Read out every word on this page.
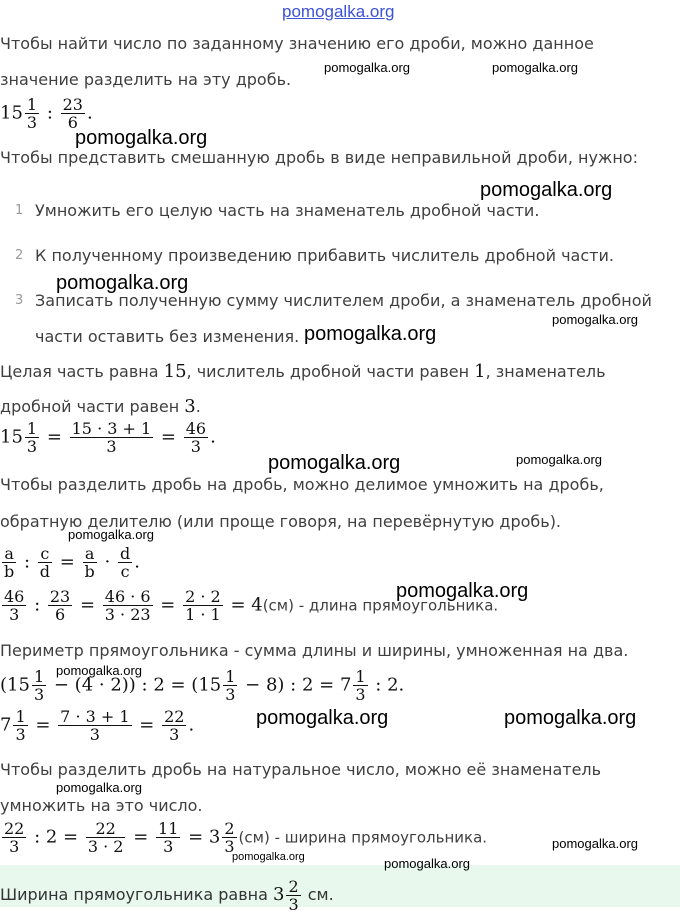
pomogalka.org
Чтобы найти число по заданному значению его дроби, можно данное
значение разделить на эту дробь.
$15 \frac{1}{3}$ : $\frac{23}{6}$ .
Чтобы представить смешанную дробь в виде неправильной дроби, нужно:
1 Умножить его целую часть на знаменатель дробной части.
2 К полученному произведению прибавить числитель дробной части.
3 Записать полученную сумму числителем дроби, а знаменатель дробной
части оставить без изменения.
Целая часть равна 15, числитель дробной части равен 1, знаменатель
дробной части равен 3.
$15 \frac{1}{3} = \frac{15 \cdot 3 + 1}{3} = \frac{46}{3}$ .
Чтобы разделить дробь на дробь, можно делимое умножить на дробь,
обратную делителю (или проще говоря, на перевёрнутую дробь).
$\frac{a}{b}$ : $\frac{c}{d} = \frac{a}{b} \cdot \frac{d}{c}$ .
$\frac{46}{3}$ : $\frac{23}{6} = \frac{46 \cdot 6}{3 \cdot 23} = \frac{2 \cdot 2}{1 \cdot 1} = 4(см)$ - длина прямоугольника.
Периметр прямоугольника - сумма длины и ширины, умноженная на два.
$(15 \frac{1}{3} - (4 \cdot 2))$ : $2 = (15 \frac{1}{3} - 8)$ : $2 = 7 \frac{1}{3}$ : 2.
$7 \frac{1}{3} = \frac{7 \cdot 3 + 1}{3} = \frac{22}{3}$ .
Чтобы разделить дробь на натуральное число, можно её знаменатель
умножить на это число.
$\frac{22}{3}$ : $2 = \frac{22}{3 \cdot 2} = \frac{11}{3} = 3 \frac{2}{3} (см)$ - ширина прямоугольника.
Ширина прямоугольника равна $3 \frac{2}{3}$ см.
pomogalka.org	pomogalka.org
pomogalka.org
pomogalka.org
pomogalka.org
pomogalka.org
pomogalka.org
pomogalka.org	pomogalka.org
pomogalka.org
pomogalka.org
pomogalka.org
pomogalka.org	pomogalka.org
pomogalka.org
pomogalka.org
pomogalka.org	pomogalka.org
